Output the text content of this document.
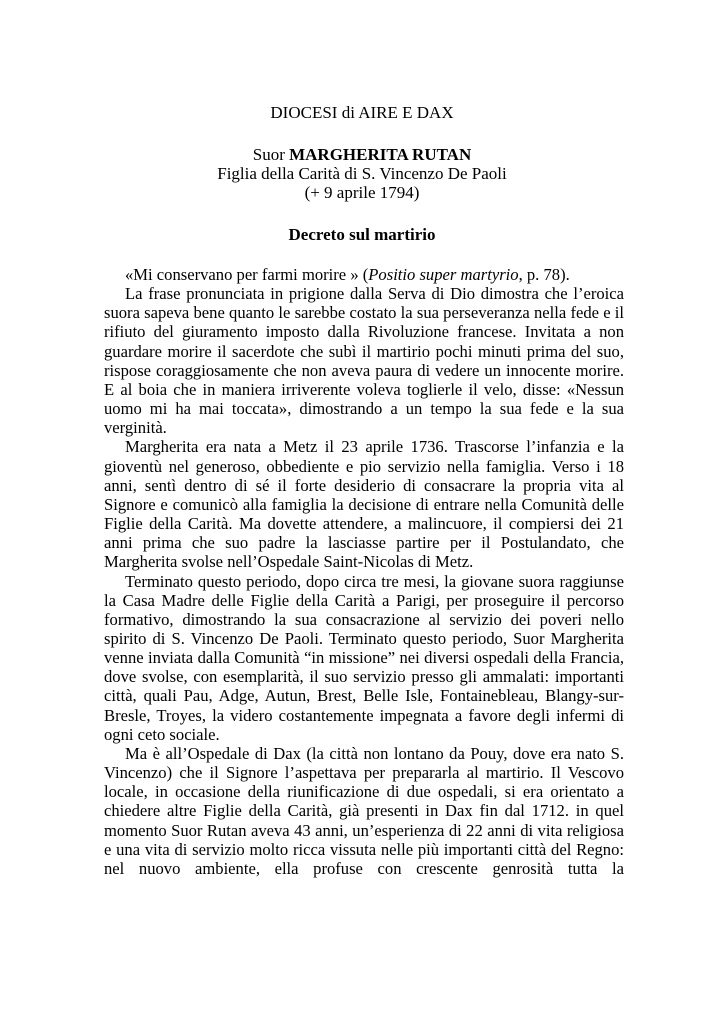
DIOCESI di AIRE E DAX
Suor MARGHERITA RUTAN
Figlia della Carità di S. Vincenzo De Paoli
(+ 9 aprile 1794)
Decreto sul martirio

«Mi conservano per farmi morire » (Positio super martyrio, p. 78).

La frase pronunciata in prigione dalla Serva di Dio dimostra che l’eroica suora sapeva bene quanto le sarebbe costato la sua perseveranza nella fede e il rifiuto del giuramento imposto dalla Rivoluzione francese. Invitata a non guardare morire il sacerdote che subì il martirio pochi minuti prima del suo, rispose coraggiosamente che non aveva paura di vedere un innocente morire. E al boia che in maniera irriverente voleva toglierle il velo, disse: «Nessun uomo mi ha mai toccata», dimostrando a un tempo la sua fede e la sua verginità.

Margherita era nata a Metz il 23 aprile 1736. Trascorse l’infanzia e la gioventù nel generoso, obbediente e pio servizio nella famiglia. Verso i 18 anni, sentì dentro di sé il forte desiderio di consacrare la propria vita al Signore e comunicò alla famiglia la decisione di entrare nella Comunità delle Figlie della Carità. Ma dovette attendere, a malincuore, il compiersi dei 21 anni prima che suo padre la lasciasse partire per il Postulandato, che Margherita svolse nell’Ospedale Saint-Nicolas di Metz.

Terminato questo periodo, dopo circa tre mesi, la giovane suora raggiunse la Casa Madre delle Figlie della Carità a Parigi, per proseguire il percorso formativo, dimostrando la sua consacrazione al servizio dei poveri nello spirito di S. Vincenzo De Paoli. Terminato questo periodo, Suor Margherita venne inviata dalla Comunità “in missione” nei diversi ospedali della Francia, dove svolse, con esemplarità, il suo servizio presso gli ammalati: importanti città, quali Pau, Adge, Autun, Brest, Belle Isle, Fontainebleau, Blangy-sur-Bresle, Troyes, la videro costantemente impegnata a favore degli infermi di ogni ceto sociale.

Ma è all’Ospedale di Dax (la città non lontano da Pouy, dove era nato S. Vincenzo) che il Signore l’aspettava per prepararla al martirio. Il Vescovo locale, in occasione della riunificazione di due ospedali, si era orientato a chiedere altre Figlie della Carità, già presenti in Dax fin dal 1712. in quel momento Suor Rutan aveva 43 anni, un’esperienza di 22 anni di vita religiosa e una vita di servizio molto ricca vissuta nelle più importanti città del Regno: nel nuovo ambiente, ella profuse con crescente genrosità tutta la
